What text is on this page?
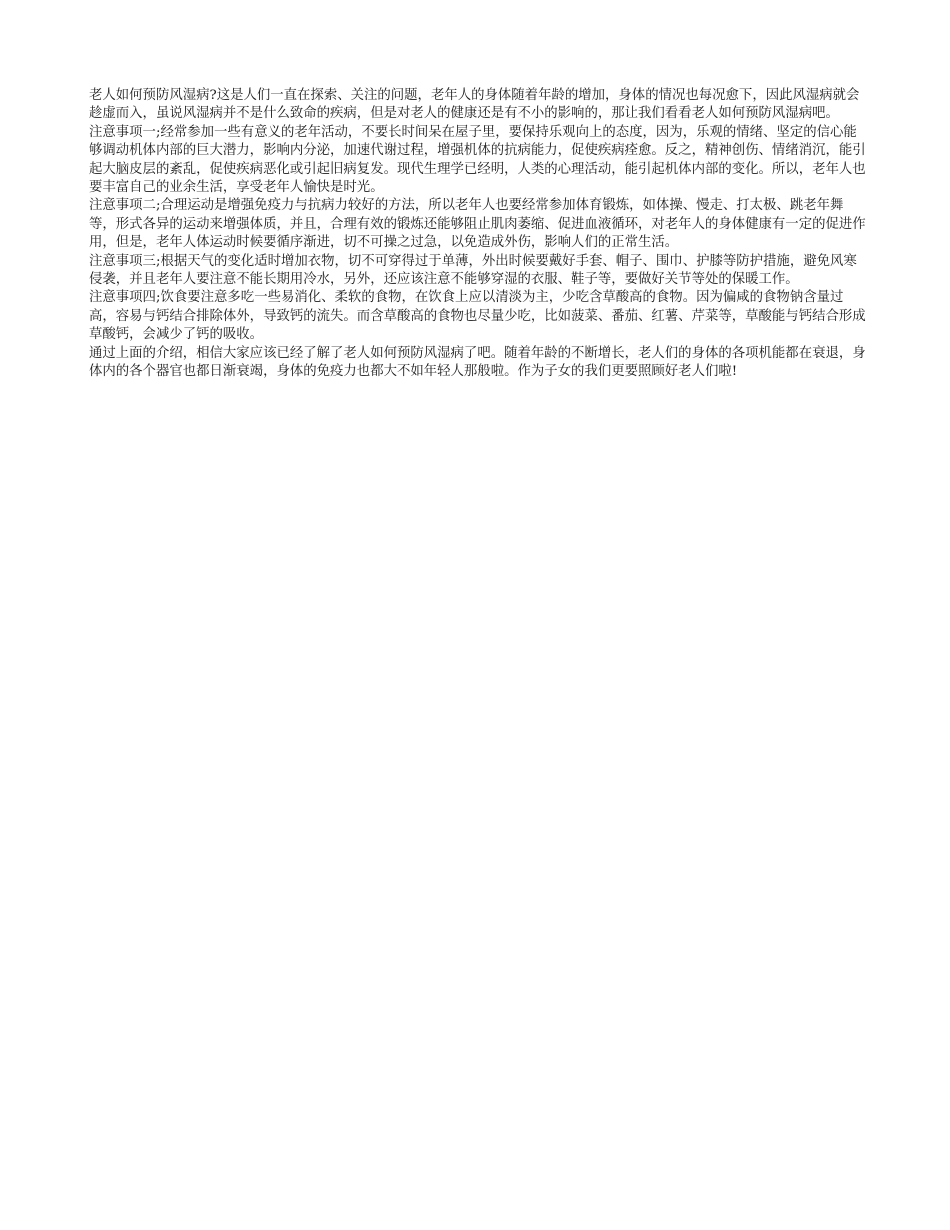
老人如何预防风湿病?这是人们一直在探索、关注的问题，老年人的身体随着年龄的增加，身体的情况也每况愈下，因此风湿病就会趁虚而入，虽说风湿病并不是什么致命的疾病，但是对老人的健康还是有不小的影响的，那让我们看看老人如何预防风湿病吧。

注意事项一;经常参加一些有意义的老年活动，不要长时间呆在屋子里，要保持乐观向上的态度，因为，乐观的情绪、坚定的信心能够调动机体内部的巨大潜力，影响内分泌，加速代谢过程，增强机体的抗病能力，促使疾病痊愈。反之，精神创伤、情绪消沉，能引起大脑皮层的紊乱，促使疾病恶化或引起旧病复发。现代生理学已经明，人类的心理活动，能引起机体内部的变化。所以，老年人也要丰富自己的业余生活，享受老年人愉快是时光。

注意事项二;合理运动是增强免疫力与抗病力较好的方法，所以老年人也要经常参加体育锻炼，如体操、慢走、打太极、跳老年舞等，形式各异的运动来增强体质，并且，合理有效的锻炼还能够阻止肌肉萎缩、促进血液循环，对老年人的身体健康有一定的促进作用，但是，老年人体运动时候要循序渐进，切不可操之过急，以免造成外伤，影响人们的正常生活。

注意事项三;根据天气的变化适时增加衣物，切不可穿得过于单薄，外出时候要戴好手套、帽子、围巾、护膝等防护措施，避免风寒侵袭，并且老年人要注意不能长期用冷水，另外，还应该注意不能够穿湿的衣服、鞋子等，要做好关节等处的保暖工作。

注意事项四;饮食要注意多吃一些易消化、柔软的食物，在饮食上应以清淡为主，少吃含草酸高的食物。因为偏咸的食物钠含量过高，容易与钙结合排除体外，导致钙的流失。而含草酸高的食物也尽量少吃，比如菠菜、番茄、红薯、芹菜等，草酸能与钙结合形成草酸钙，会减少了钙的吸收。

通过上面的介绍，相信大家应该已经了解了老人如何预防风湿病了吧。随着年龄的不断增长，老人们的身体的各项机能都在衰退，身体内的各个器官也都日渐衰竭，身体的免疫力也都大不如年轻人那般啦。作为子女的我们更要照顾好老人们啦!
